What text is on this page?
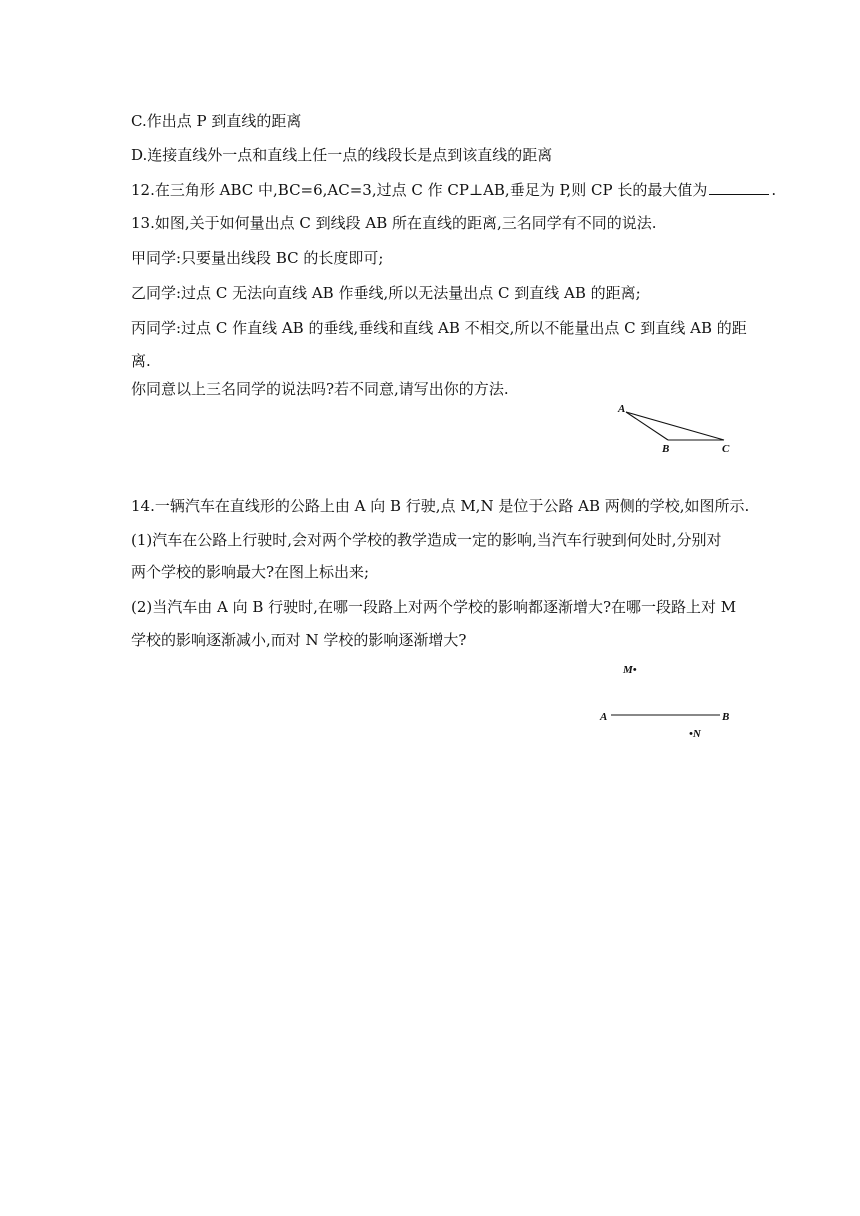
C.作出点 P 到直线的距离
D.连接直线外一点和直线上任一点的线段长是点到该直线的距离
12.在三角形 ABC 中,BC=6,AC=3,过点 C 作 CP⊥AB,垂足为 P,则 CP 长的最大值为	.
13.如图,关于如何量出点 C 到线段 AB 所在直线的距离,三名同学有不同的说法.
甲同学:只要量出线段 BC 的长度即可;
乙同学:过点 C 无法向直线 AB 作垂线,所以无法量出点 C 到直线 AB 的距离;
丙同学:过点 C 作直线 AB 的垂线,垂线和直线 AB 不相交,所以不能量出点 C 到直线 AB 的距
离.
你同意以上三名同学的说法吗?若不同意,请写出你的方法.
A
B	C
14.一辆汽车在直线形的公路上由 A 向 B 行驶,点 M,N 是位于公路 AB 两侧的学校,如图所示.
(1)汽车在公路上行驶时,会对两个学校的教学造成一定的影响,当汽车行驶到何处时,分别对
两个学校的影响最大?在图上标出来;
(2)当汽车由 A 向 B 行驶时,在哪一段路上对两个学校的影响都逐渐增大?在哪一段路上对 M
学校的影响逐渐减小,而对 N 学校的影响逐渐增大?
M•
A	B
•N
